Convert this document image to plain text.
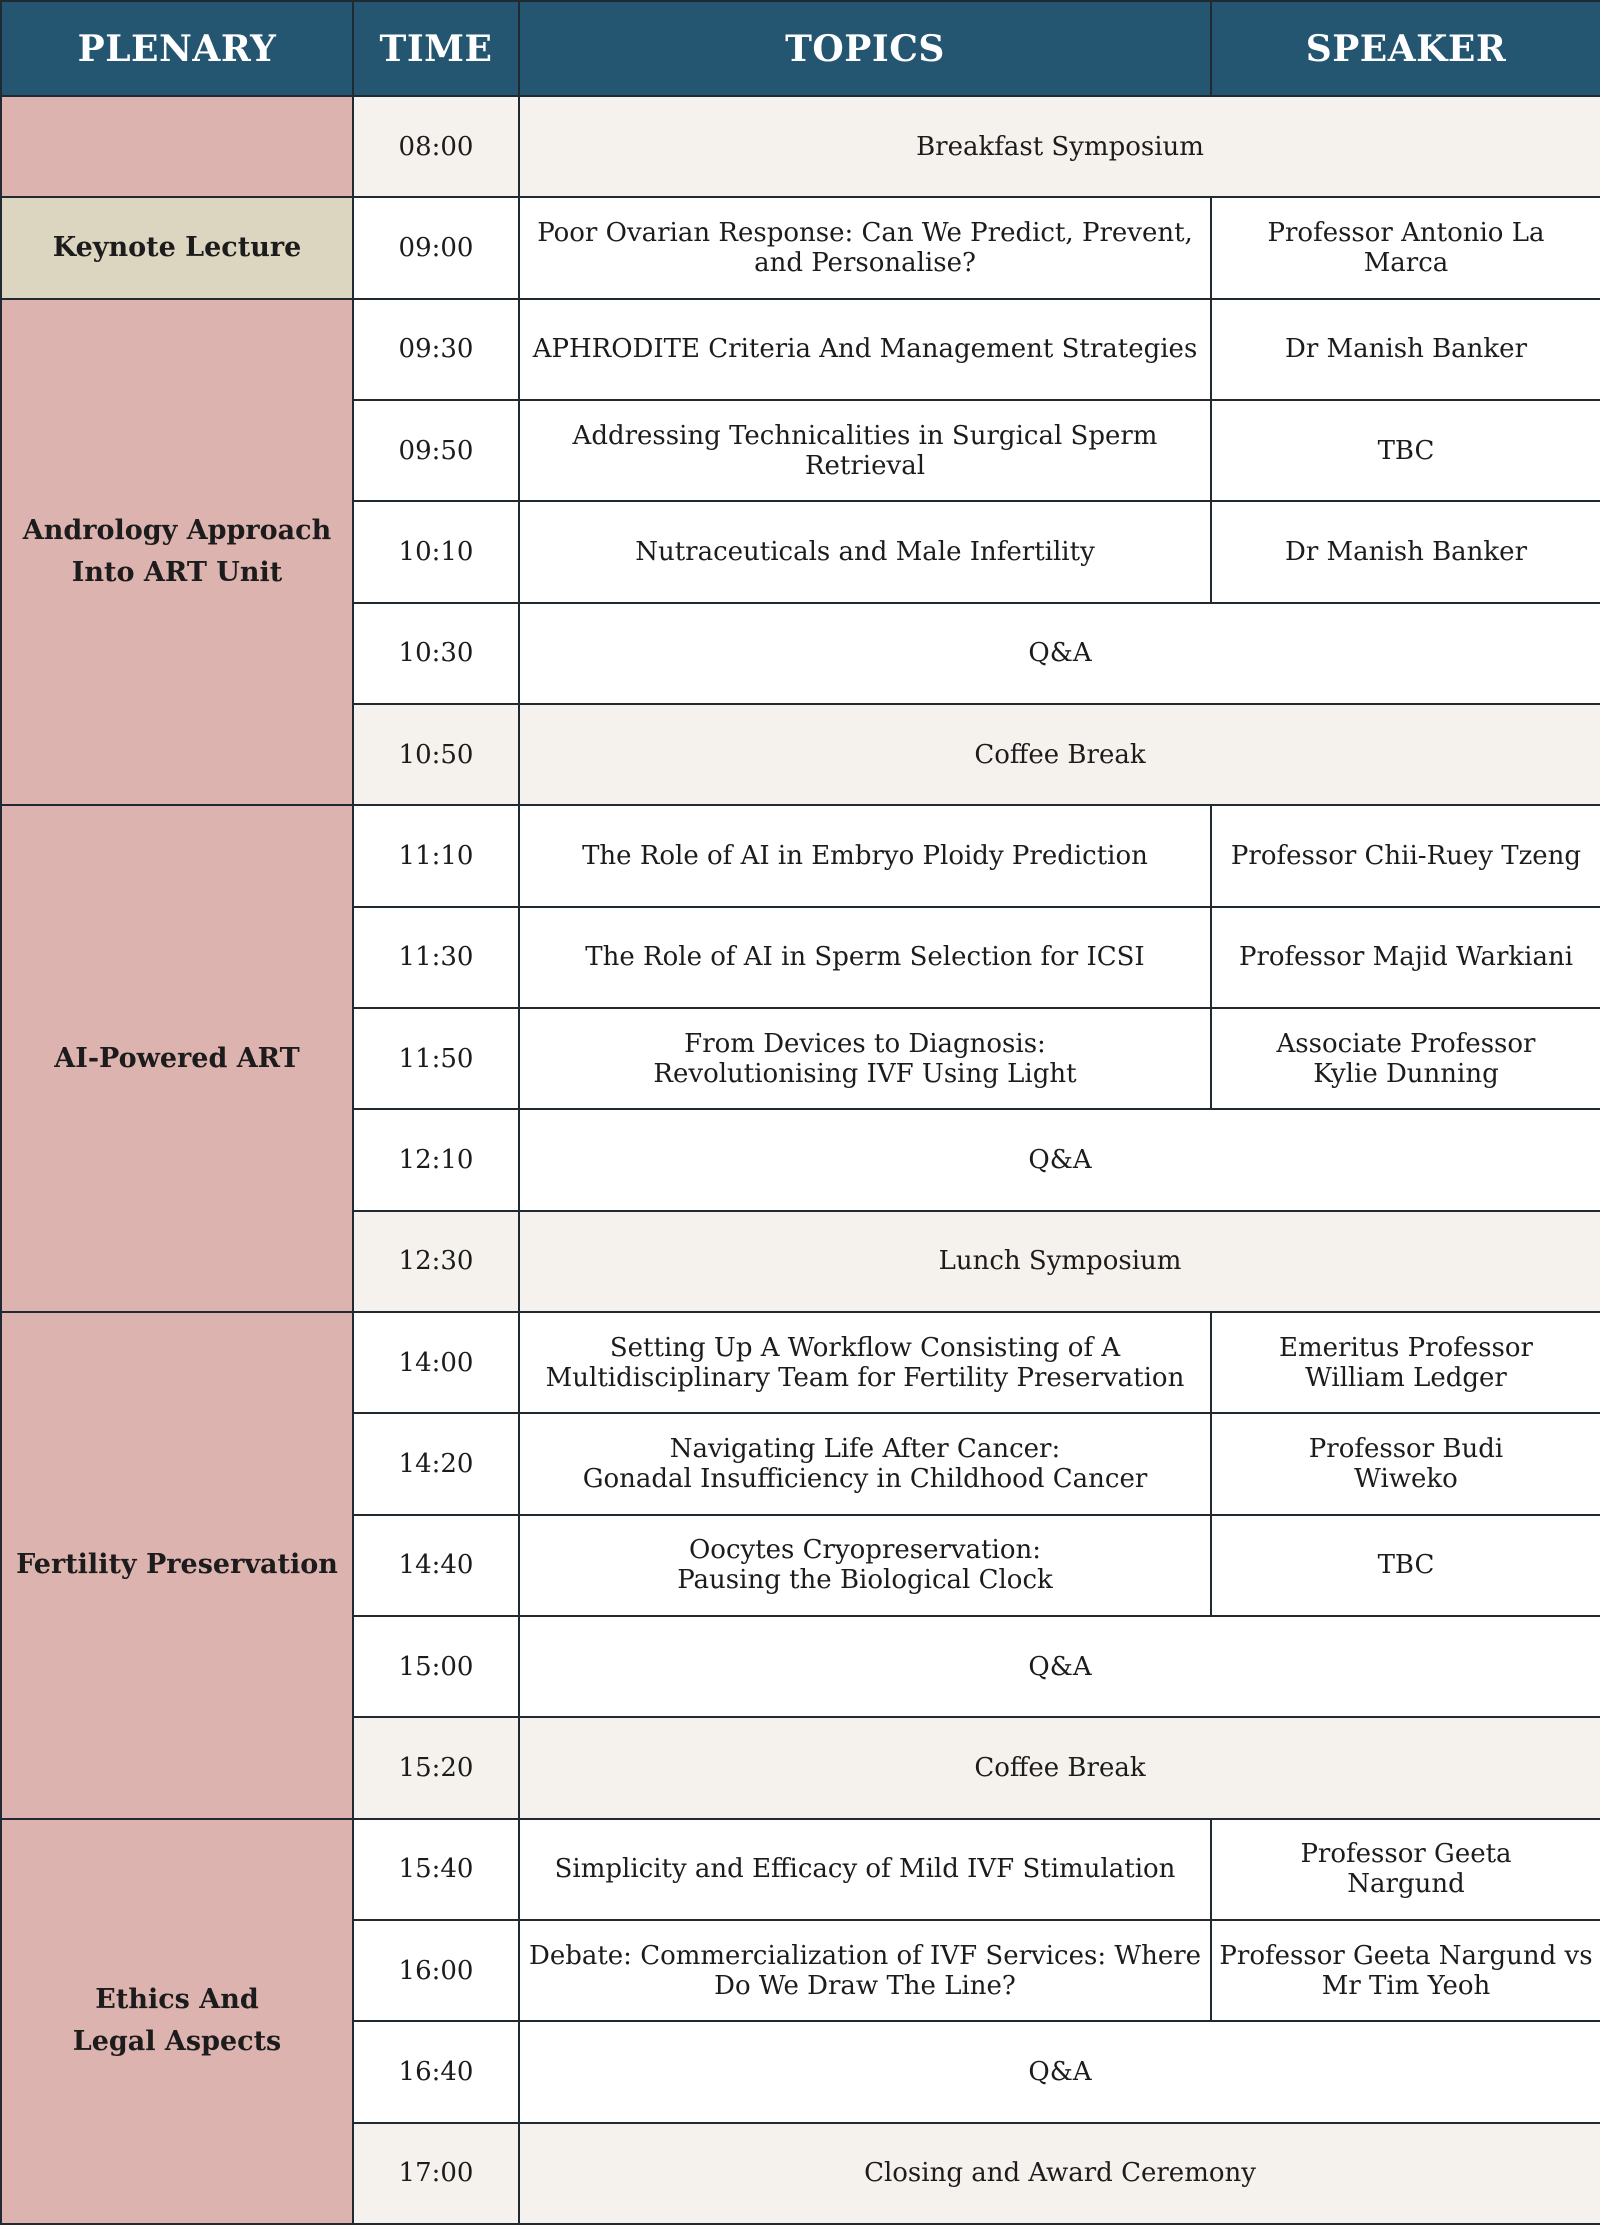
PLENARY	TIME	TOPICS	SPEAKER
	08:00	Breakfast Symposium	

Keynote Lecture	09:00	Poor Ovarian Response: Can We Predict, Prevent,
and Personalise?	Professor Antonio La
Marca

Andrology Approach
Into ART Unit	09:30	APHRODITE Criteria And Management Strategies	Dr Manish Banker

	09:50	Addressing Technicalities in Surgical Sperm
Retrieval	TBC

	10:10	Nutraceuticals and Male Infertility	Dr Manish Banker

	10:30	Q&A	
	10:50	Coffee Break	

AI-Powered ART	11:10	The Role of AI in Embryo Ploidy Prediction	Professor Chii-Ruey Tzeng

	11:30	The Role of AI in Sperm Selection for ICSI	Professor Majid Warkiani

	11:50	From Devices to Diagnosis:
Revolutionising IVF Using Light	Associate Professor
Kylie Dunning

	12:10	Q&A	
	12:30	Lunch Symposium	

Fertility Preservation	14:00	Setting Up A Workflow Consisting of A
Multidisciplinary Team for Fertility Preservation	Emeritus Professor
William Ledger

	14:20	Navigating Life After Cancer:
Gonadal Insufficiency in Childhood Cancer	Professor Budi
Wiweko

	14:40	Oocytes Cryopreservation:
Pausing the Biological Clock	TBC

	15:00	Q&A	
	15:20	Coffee Break	

Ethics And
Legal Aspects	15:40	Simplicity and Efficacy of Mild IVF Stimulation	Professor Geeta
Nargund

	16:00	Debate: Commercialization of IVF Services: Where
Do We Draw The Line?	Professor Geeta Nargund vs
Mr Tim Yeoh

	16:40	Q&A	
	17:00	Closing and Award Ceremony	
